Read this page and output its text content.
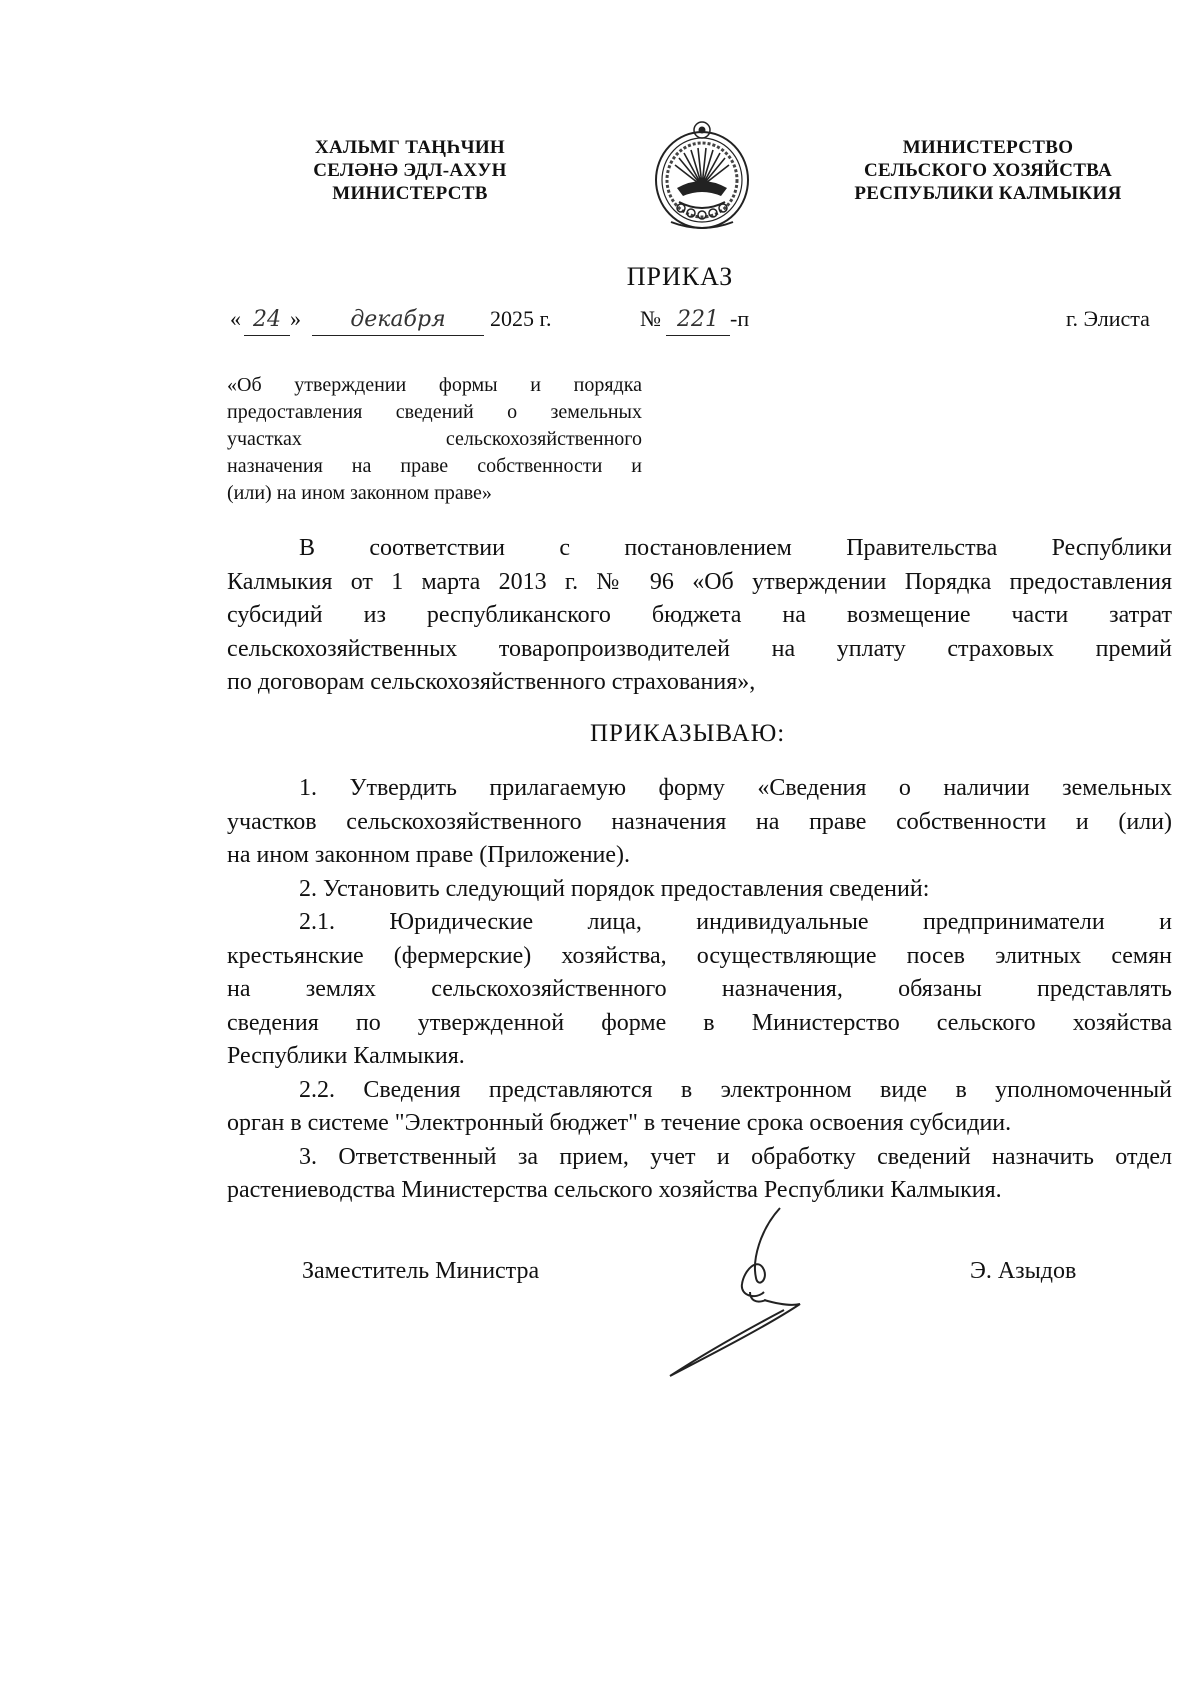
ХАЛЬМГ ТАҢҺЧИН
СЕЛӘНӘ ЭДЛ-АХУН
МИНИСТЕРСТВ
МИНИСТЕРСТВО
СЕЛЬСКОГО ХОЗЯЙСТВА
РЕСПУБЛИКИ КАЛМЫКИЯ
ПРИКАЗ
« 24 »	декабря	2025 г.	№ 221 -п	г. Элиста
«Об утверждении формы и порядка
предоставления сведений о земельных
участках сельскохозяйственного
назначения на праве собственности и
(или) на ином законном праве»
В соответствии с постановлением Правительства Республики
Калмыкия от 1 марта 2013 г. № 96 «Об утверждении Порядка предоставления
субсидий из республиканского бюджета на возмещение части затрат
сельскохозяйственных товаропроизводителей на уплату страховых премий
по договорам сельскохозяйственного страхования»,
ПРИКАЗЫВАЮ:
1. Утвердить прилагаемую форму «Сведения о наличии земельных
участков сельскохозяйственного назначения на праве собственности и (или)
на ином законном праве (Приложение).
2. Установить следующий порядок предоставления сведений:
2.1. Юридические лица, индивидуальные предприниматели и
крестьянские (фермерские) хозяйства, осуществляющие посев элитных семян
на землях сельскохозяйственного назначения, обязаны представлять
сведения по утвержденной форме в Министерство сельского хозяйства
Республики Калмыкия.
2.2. Сведения представляются в электронном виде в уполномоченный
орган в системе "Электронный бюджет" в течение срока освоения субсидии.
3. Ответственный за прием, учет и обработку сведений назначить отдел
растениеводства Министерства сельского хозяйства Республики Калмыкия.
Заместитель Министра	Э. Азыдов
